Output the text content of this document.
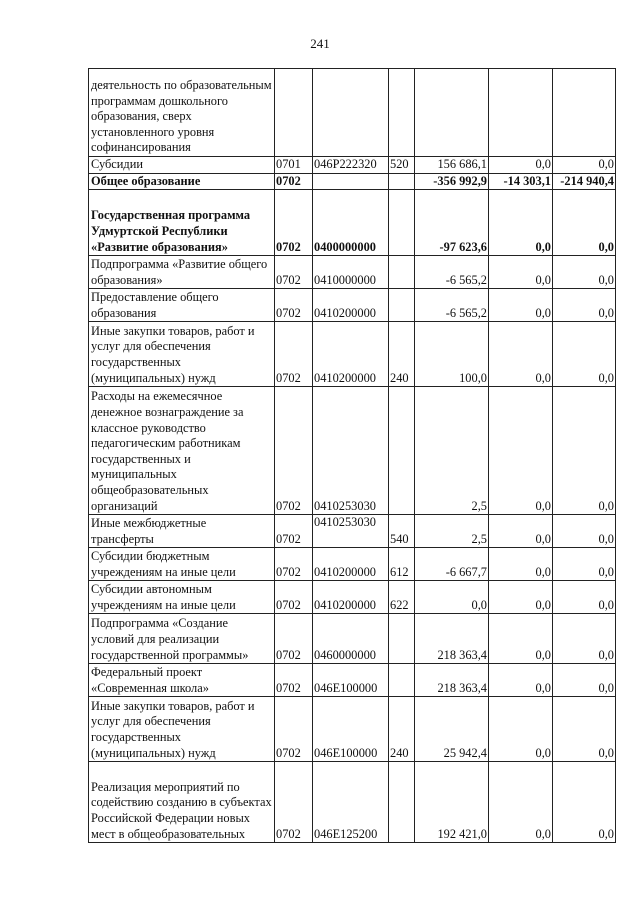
241
деятельность по образовательным программам дошкольного образования, сверх установленного уровня софинансирования						

Субсидии	0701	046P222320	520	156 686,1	0,0	0,0

Общее образование	0702			-356 992,9	-14 303,1	-214 940,4

Государственная программа Удмуртской Республики «Развитие образования»	0702	0400000000		-97 623,6	0,0	0,0

Подпрограмма «Развитие общего образования»	0702	0410000000		-6 565,2	0,0	0,0

Предоставление общего образования	0702	0410200000		-6 565,2	0,0	0,0

Иные закупки товаров, работ и услуг для обеспечения государственных (муниципальных) нужд	0702	0410200000	240	100,0	0,0	0,0

Расходы на ежемесячное денежное вознаграждение за классное руководство педагогическим работникам государственных и муниципальных общеобразовательных организаций	0702	0410253030		2,5	0,0	0,0

Иные межбюджетные трансферты	0702	0410253030	540	2,5	0,0	0,0

Субсидии бюджетным учреждениям на иные цели	0702	0410200000	612	-6 667,7	0,0	0,0

Субсидии автономным учреждениям на иные цели	0702	0410200000	622	0,0	0,0	0,0

Подпрограмма «Создание условий для реализации государственной программы»	0702	0460000000		218 363,4	0,0	0,0

Федеральный проект «Современная школа»	0702	046E100000		218 363,4	0,0	0,0

Иные закупки товаров, работ и услуг для обеспечения государственных (муниципальных) нужд	0702	046E100000	240	25 942,4	0,0	0,0

Реализация мероприятий по содействию созданию в субъектах Российской Федерации новых мест в общеобразовательных	0702	046E125200		192 421,0	0,0	0,0
